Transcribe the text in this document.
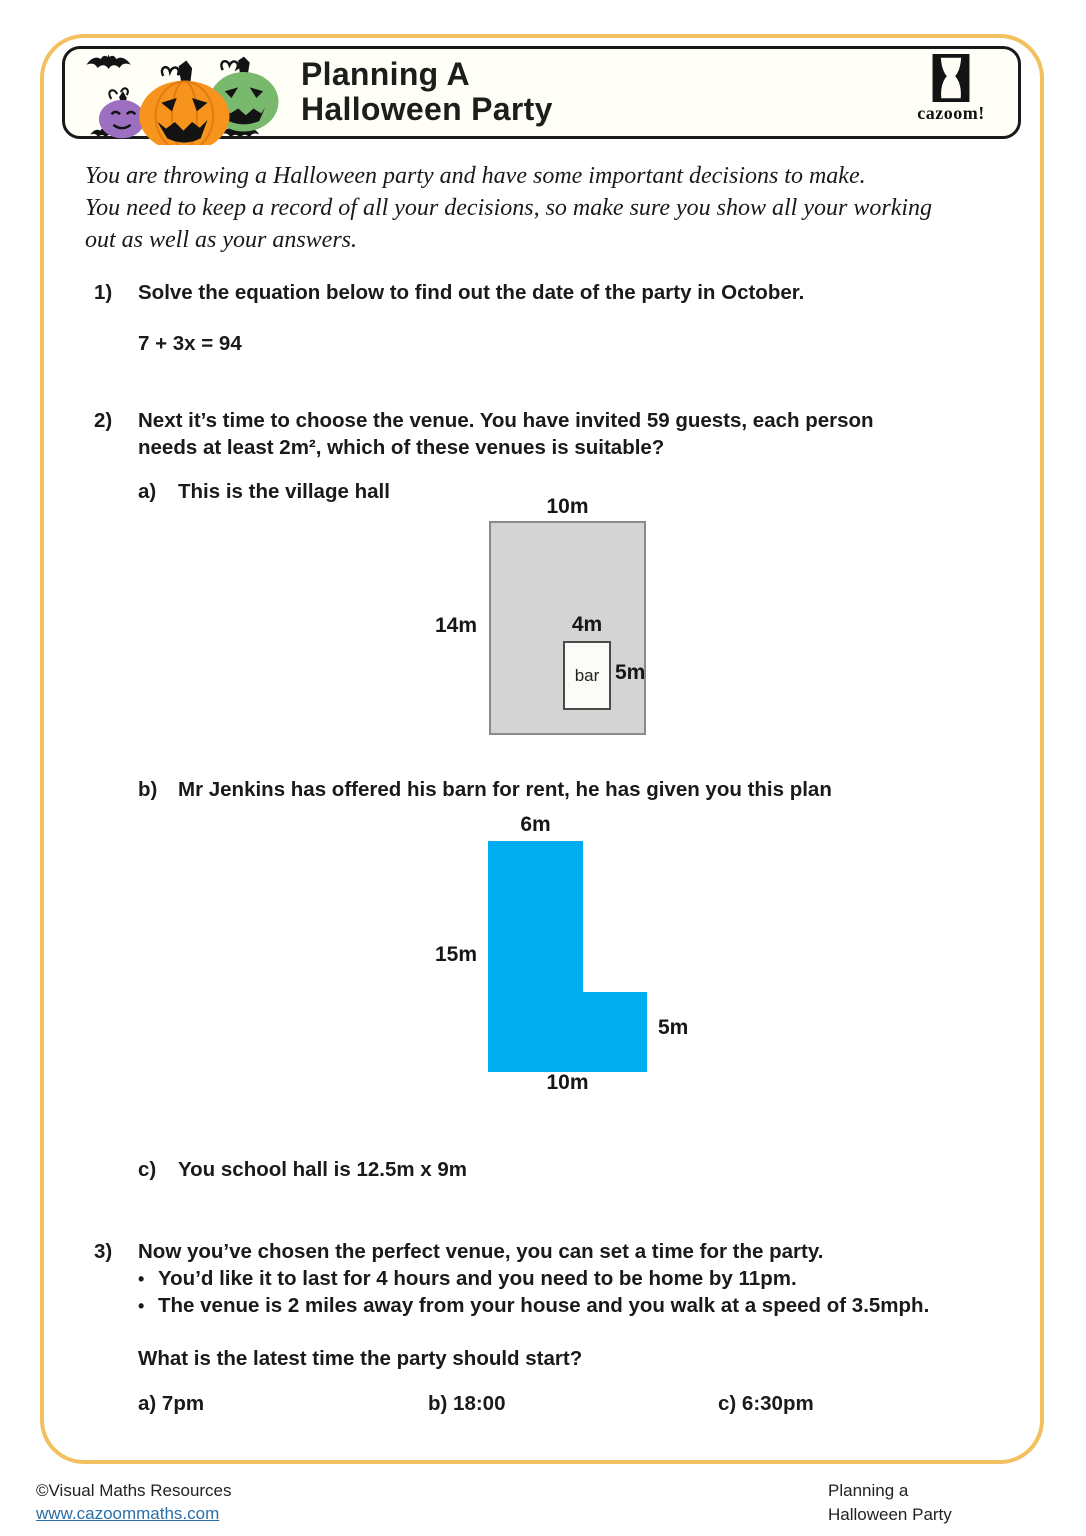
Planning A
Halloween Party	cazoom!
You are throwing a Halloween party and have some important decisions to make.
You need to keep a record of all your decisions, so make sure you show all your working
out as well as your answers.
1) Solve the equation below to find out the date of the party in October.
7 + 3x = 94
2)	Next it’s time to choose the venue. You have invited 59 guests, each person
needs at least 2m², which of these venues is suitable?
a) This is the village hall
10m
14m	4m
bar 5m
b) Mr Jenkins has offered his barn for rent, he has given you this plan
6m
15m
5m
10m
c) You school hall is 12.5m x 9m
3) Now you’ve chosen the perfect venue, you can set a time for the party.
• You’d like it to last for 4 hours and you need to be home by 11pm.
• The venue is 2 miles away from your house and you walk at a speed of 3.5mph.
What is the latest time the party should start?
a) 7pm	b) 18:00	c) 6:30pm
©Visual Maths Resources
www.cazoommaths.com
Planning a
Halloween Party
